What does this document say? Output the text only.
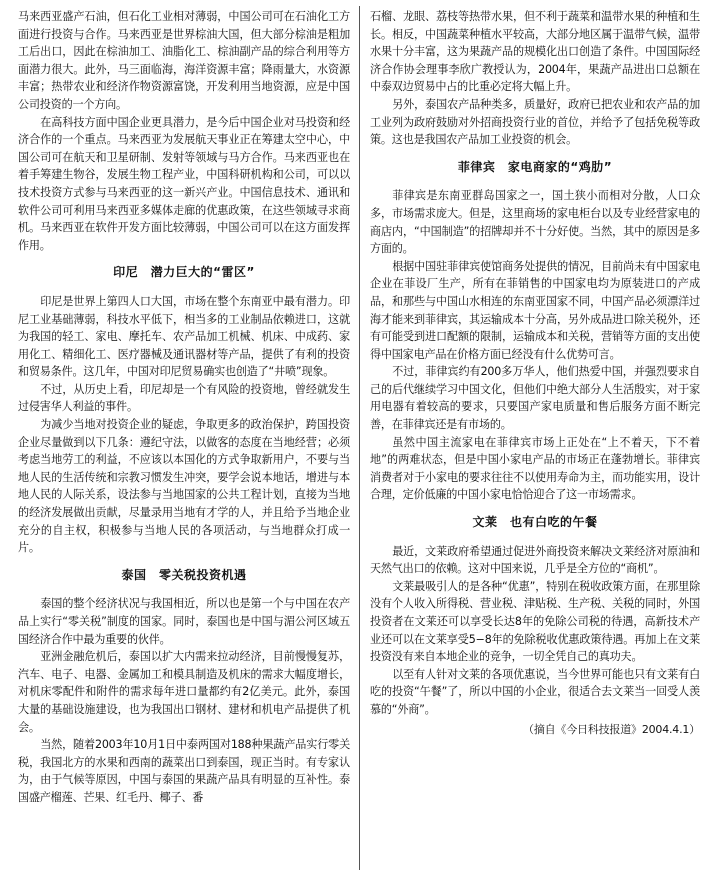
马来西亚盛产石油，但石化工业相对薄弱，中国公司可在石油化工方面进行投资与合作。马来西亚是世界棕油大国，但大部分棕油是粗加工后出口，因此在棕油加工、油脂化工、棕油副产品的综合利用等方面潜力很大。此外，马三面临海，海洋资源丰富；降雨量大，水资源丰富；热带农业和经济作物资源富饶，开发利用当地资源，应是中国公司投资的一个方向。

在高科技方面中国企业更具潜力，是今后中国企业对马投资和经济合作的一个重点。马来西亚为发展航天事业正在筹建太空中心，中国公司可在航天和卫星研制、发射等领域与马方合作。马来西亚也在着手筹建生物谷，发展生物工程产业，中国科研机构和公司，可以以技术投资方式参与马来西亚的这一新兴产业。中国信息技术、通讯和软件公司可利用马来西亚多媒体走廊的优惠政策，在这些领域寻求商机。马来西亚在软件开发方面比较薄弱，中国公司可以在这方面发挥作用。

印尼　潜力巨大的“雷区”

印尼是世界上第四人口大国，市场在整个东南亚中最有潜力。印尼工业基础薄弱，科技水平低下，相当多的工业制品依赖进口，这就为我国的轻工、家电、摩托车、农产品加工机械、机床、中成药、家用化工、精细化工、医疗器械及通讯器材等产品，提供了有利的投资和贸易条件。这几年，中国对印尼贸易确实也创造了“井喷”现象。

不过，从历史上看，印尼却是一个有风险的投资地，曾经就发生过侵害华人利益的事件。

为减少当地对投资企业的疑虑，争取更多的政治保护，跨国投资企业尽量做到以下几条：遵纪守法，以做客的态度在当地经营；必须考虑当地劳工的利益，不应该以本国化的方式争取新用户，不要与当地人民的生活传统和宗教习惯发生冲突，要学会说本地话，增进与本地人民的人际关系，设法参与当地国家的公共工程计划，直接为当地的经济发展做出贡献，尽量录用当地有才学的人，并且给予当地企业充分的自主权，积极参与当地人民的各项活动，与当地群众打成一片。

泰国　零关税投资机遇

泰国的整个经济状况与我国相近，所以也是第一个与中国在农产品上实行“零关税”制度的国家。同时，泰国也是中国与湄公河区域五国经济合作中最为重要的伙伴。

亚洲金融危机后，泰国以扩大内需来拉动经济，目前慢慢复苏，汽车、电子、电器、金属加工和模具制造及机床的需求大幅度增长，对机床零配件和附件的需求每年进口量都约有2亿美元。此外，泰国大量的基础设施建设，也为我国出口钢材、建材和机电产品提供了机会。

当然，随着2003年10月1日中泰两国对188种果蔬产品实行零关税，我国北方的水果和西南的蔬菜出口到泰国，现正当时。有专家认为，由于气候等原因，中国与泰国的果蔬产品具有明显的互补性。泰国盛产榴莲、芒果、红毛丹、椰子、番

石榴、龙眼、荔枝等热带水果，但不利于蔬菜和温带水果的种植和生长。相反，中国蔬菜种植水平较高，大部分地区属于温带气候，温带水果十分丰富，这为果蔬产品的规模化出口创造了条件。中国国际经济合作协会理事李欣广教授认为，2004年，果蔬产品进出口总额在中泰双边贸易中占的比重必定将大幅上升。

另外，泰国农产品种类多，质量好，政府已把农业和农产品的加工业列为政府鼓励对外招商投资行业的首位，并给予了包括免税等政策。这也是我国农产品加工业投资的机会。

菲律宾　家电商家的“鸡肋”

菲律宾是东南亚群岛国家之一，国土狭小而相对分散，人口众多，市场需求庞大。但是，这里商场的家电柜台以及专业经营家电的商店内，“中国制造”的招牌却并不十分好使。当然，其中的原因是多方面的。

根据中国驻菲律宾使馆商务处提供的情况，目前尚未有中国家电企业在菲设厂生产，所有在菲销售的中国家电均为原装进口的产成品，和那些与中国山水相连的东南亚国家不同，中国产品必须漂洋过海才能来到菲律宾，其运输成本十分高，另外成品进口除关税外，还有可能受到进口配额的限制，运输成本和关税，营销等方面的支出使得中国家电产品在价格方面已经没有什么优势可言。

不过，菲律宾约有200多万华人，他们热爱中国，并强烈要求自己的后代继续学习中国文化，但他们中绝大部分人生活殷实，对于家用电器有着较高的要求，只要国产家电质量和售后服务方面不断完善，在菲律宾还是有市场的。

虽然中国主流家电在菲律宾市场上正处在“上不着天，下不着地”的两难状态，但是中国小家电产品的市场正在蓬勃增长。菲律宾消费者对于小家电的要求往往不以使用寿命为主，而功能实用，设计合理，定价低廉的中国小家电恰恰迎合了这一市场需求。

文莱　也有白吃的午餐

最近，文莱政府希望通过促进外商投资来解决文莱经济对原油和天然气出口的依赖。这对中国来说，几乎是全方位的“商机”。

文莱最吸引人的是各种“优惠”，特别在税收政策方面，在那里除没有个人收入所得税、营业税、津贴税、生产税、关税的同时，外国投资者在文莱还可以享受长达8年的免除公司税的待遇，高新技术产业还可以在文莱享受5−8年的免除税收优惠政策待遇。再加上在文莱投资没有来自本地企业的竞争，一切全凭自己的真功夫。

以至有人针对文莱的各项优惠说，当今世界可能也只有文莱有白吃的投资“午餐”了，所以中国的小企业，很适合去文莱当一回受人羡慕的“外商”。

（摘自《今日科技报道》2004.4.1）
